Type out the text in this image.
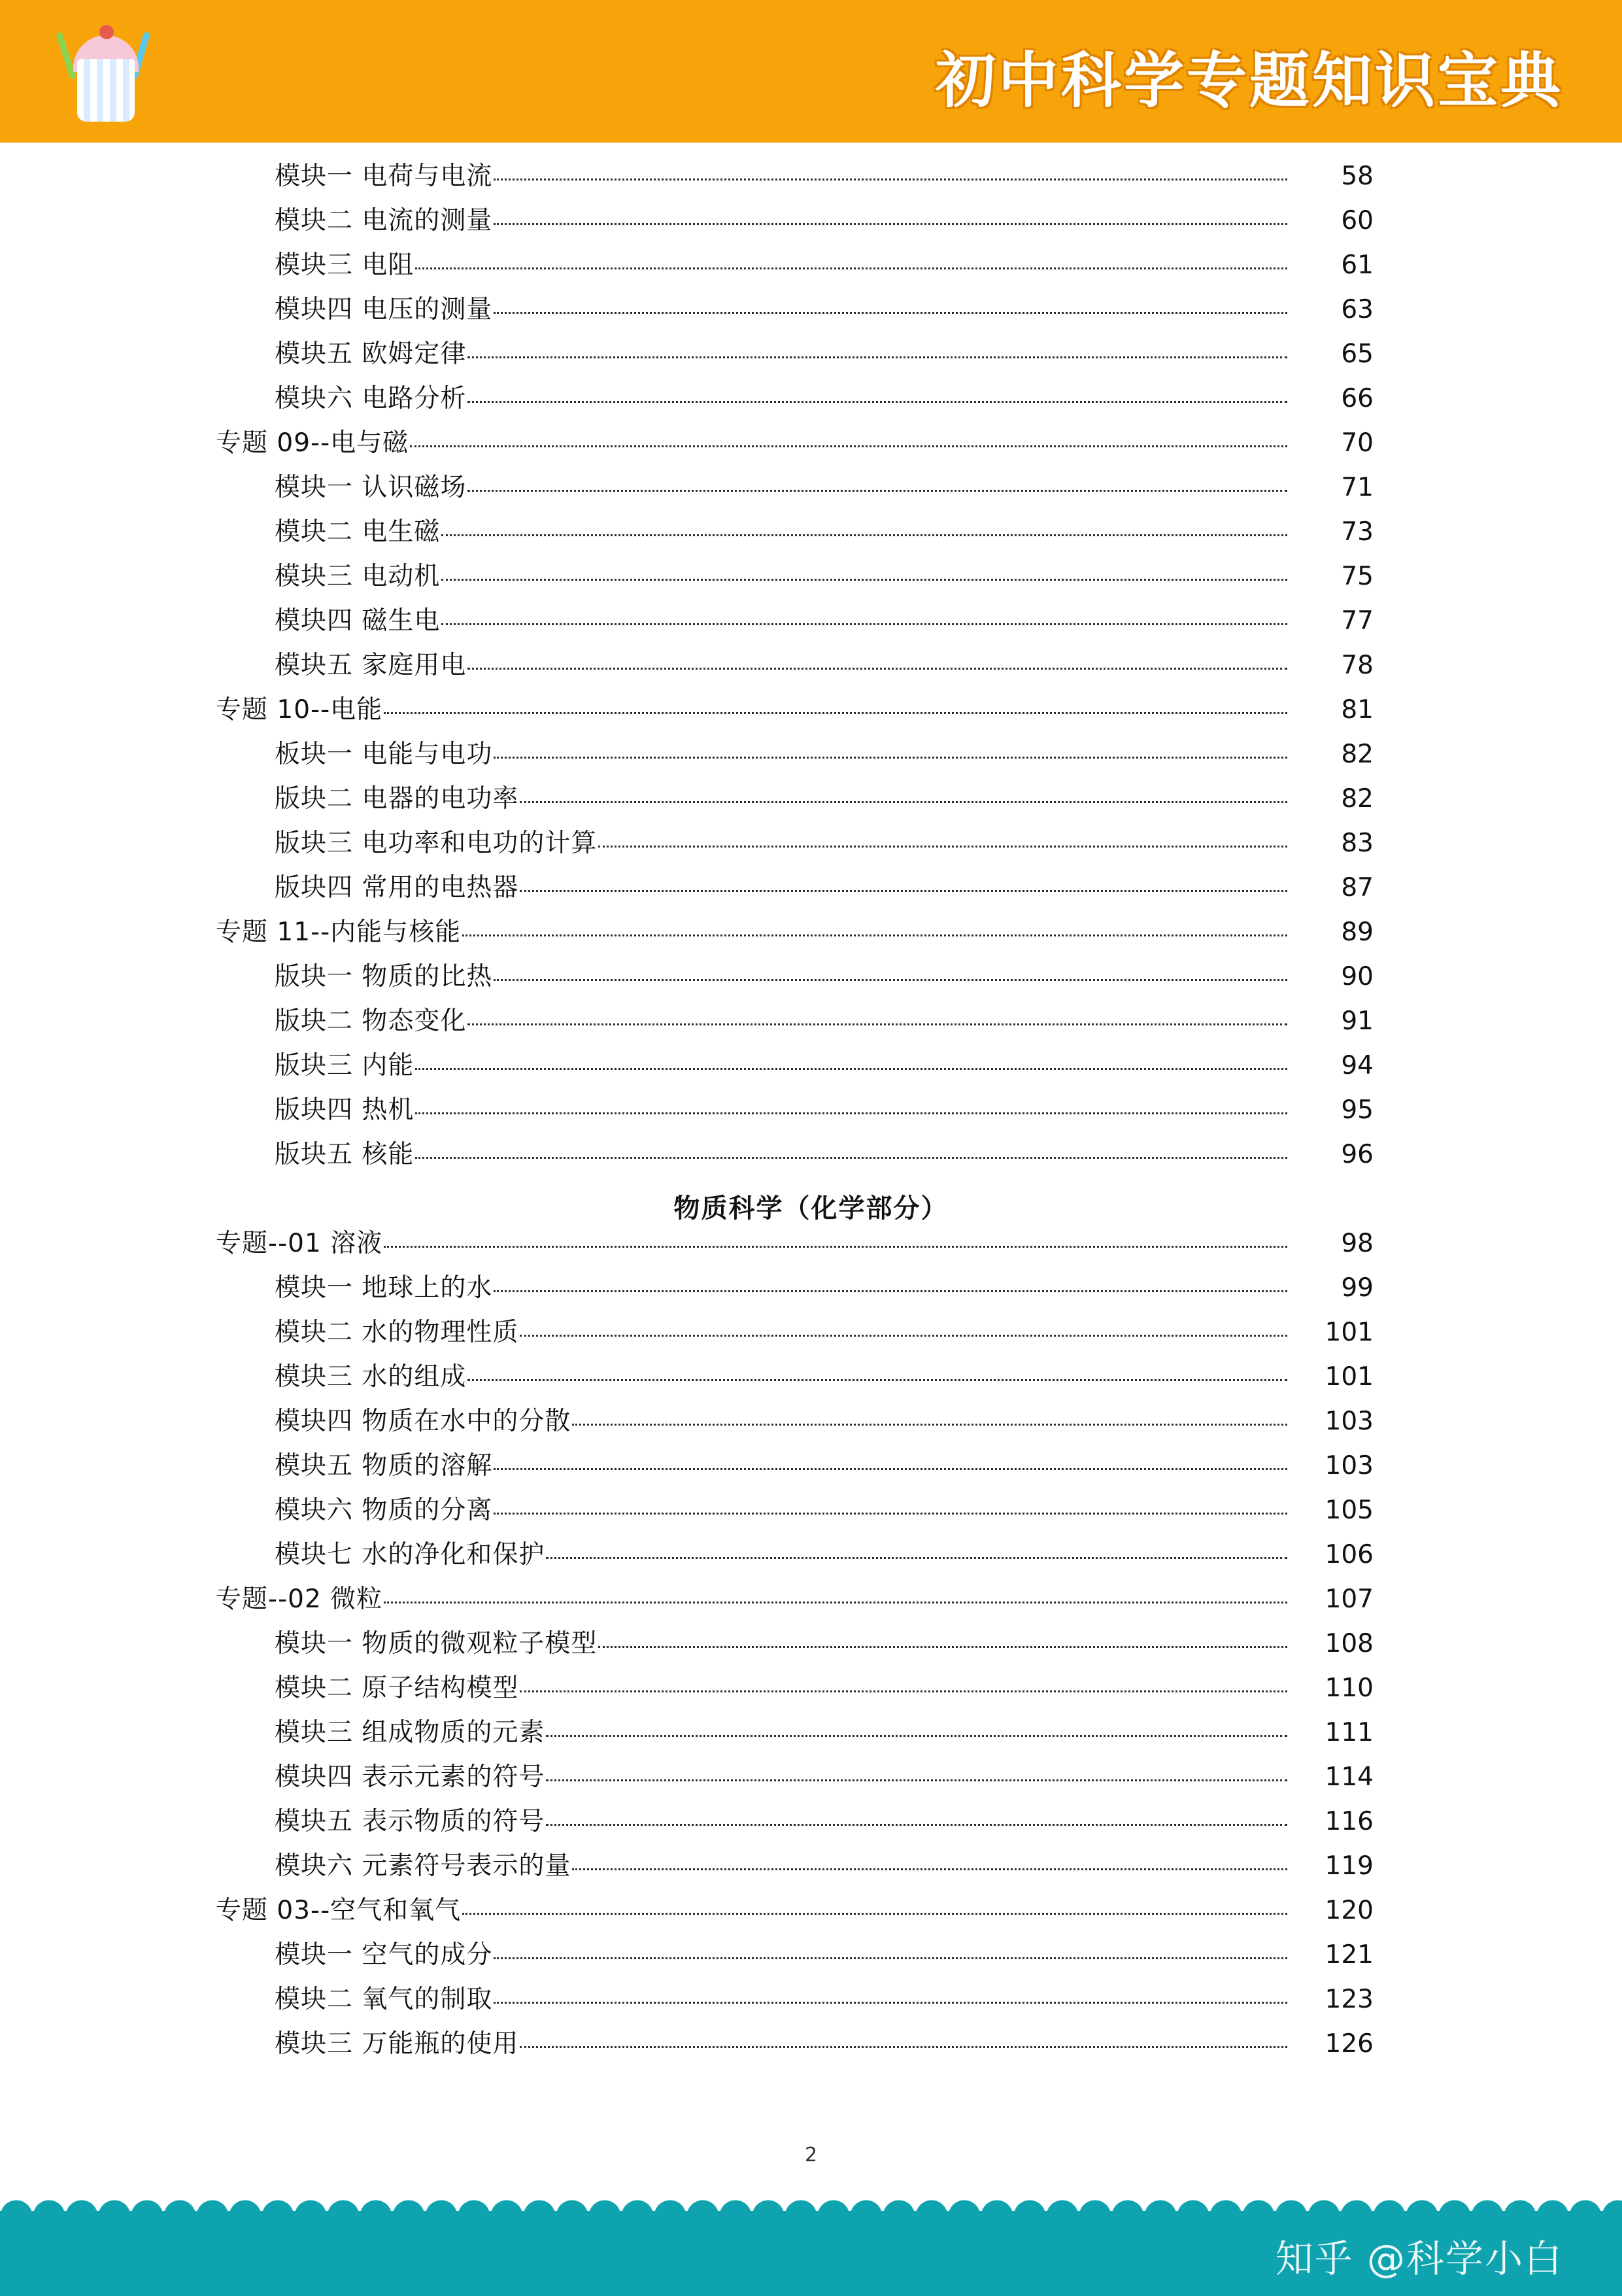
初中科学专题知识宝典
模块一 电荷与电流	58
模块二 电流的测量	60
模块三 电阻	61
模块四 电压的测量	63
模块五 欧姆定律	65
模块六 电路分析	66
专题 09--电与磁	70
模块一 认识磁场	71
模块二 电生磁	73
模块三 电动机	75
模块四 磁生电	77
模块五 家庭用电	78
专题 10--电能	81
板块一 电能与电功	82
版块二 电器的电功率	82
版块三 电功率和电功的计算	83
版块四 常用的电热器	87
专题 11--内能与核能	89
版块一 物质的比热	90
版块二 物态变化	91
版块三 内能	94
版块四 热机	95
版块五 核能	96
物质科学（化学部分）
专题--01 溶液	98
模块一 地球上的水	99
模块二 水的物理性质	101
模块三 水的组成	101
模块四 物质在水中的分散	103
模块五 物质的溶解	103
模块六 物质的分离	105
模块七 水的净化和保护	106
专题--02 微粒	107
模块一 物质的微观粒子模型	108
模块二 原子结构模型	110
模块三 组成物质的元素	111
模块四 表示元素的符号	114
模块五 表示物质的符号	116
模块六 元素符号表示的量	119
专题 03--空气和氧气	120
模块一 空气的成分	121
模块二 氧气的制取	123
模块三 万能瓶的使用	126
2
知乎 @科学小白
